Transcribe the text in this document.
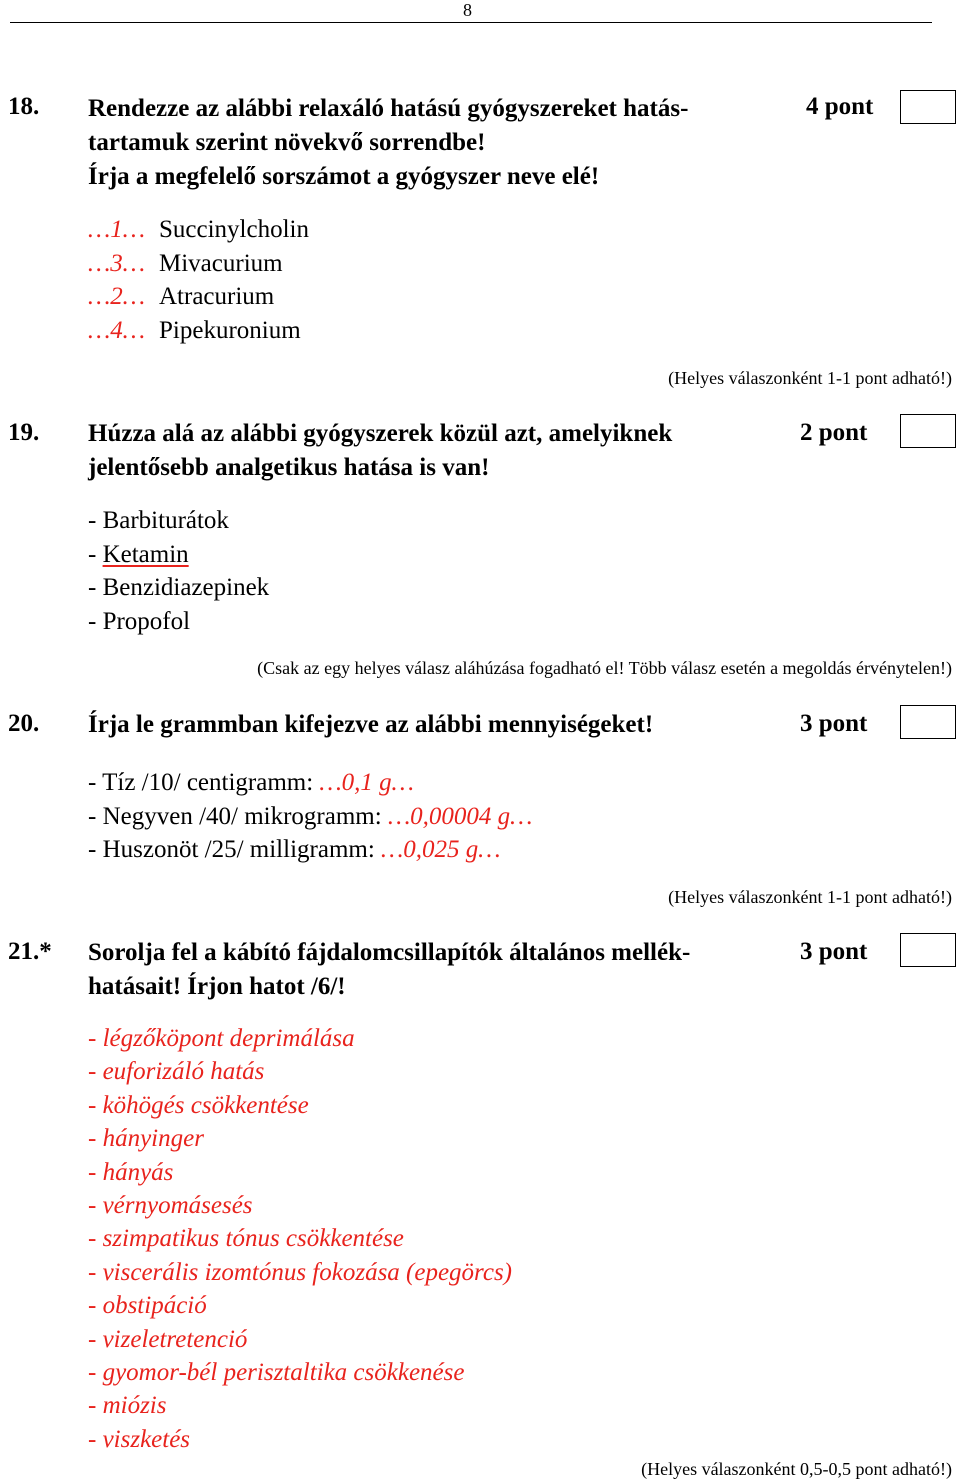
8
18. Rendezze az alábbi relaxáló hatású gyógyszereket hatás-
tartamuk szerint növekvő sorrendbe!
Írja a megfelelő sorszámot a gyógyszer neve elé!
4 pont
…1… Succinylcholin
…3… Mivacurium
…2… Atracurium
…4… Pipekuronium
(Helyes válaszonként 1-1 pont adható!)
19. Húzza alá az alábbi gyógyszerek közül azt, amelyiknek
jelentősebb analgetikus hatása is van!
2 pont
- Barbiturátok
- Ketamin
- Benzidiazepinek
- Propofol
(Csak az egy helyes válasz aláhúzása fogadható el! Több válasz esetén a megoldás érvénytelen!)
20. Írja le grammban kifejezve az alábbi mennyiségeket!	3 pont
- Tíz /10/ centigramm: …0,1 g…
- Negyven /40/ mikrogramm: …0,00004 g…
- Huszonöt /25/ milligramm: …0,025 g…
(Helyes válaszonként 1-1 pont adható!)
21.* Sorolja fel a kábító fájdalomcsillapítók általános mellék-
hatásait! Írjon hatot /6/!
3 pont
- légzőköpont deprimálása
- euforizáló hatás
- köhögés csökkentése
- hányinger
- hányás
- vérnyomásesés
- szimpatikus tónus csökkentése
- viscerális izomtónus fokozása (epegörcs)
- obstipáció
- vizeletretenció
- gyomor-bél perisztaltika csökkenése
- miózis
- viszketés
(Helyes válaszonként 0,5-0,5 pont adható!)
